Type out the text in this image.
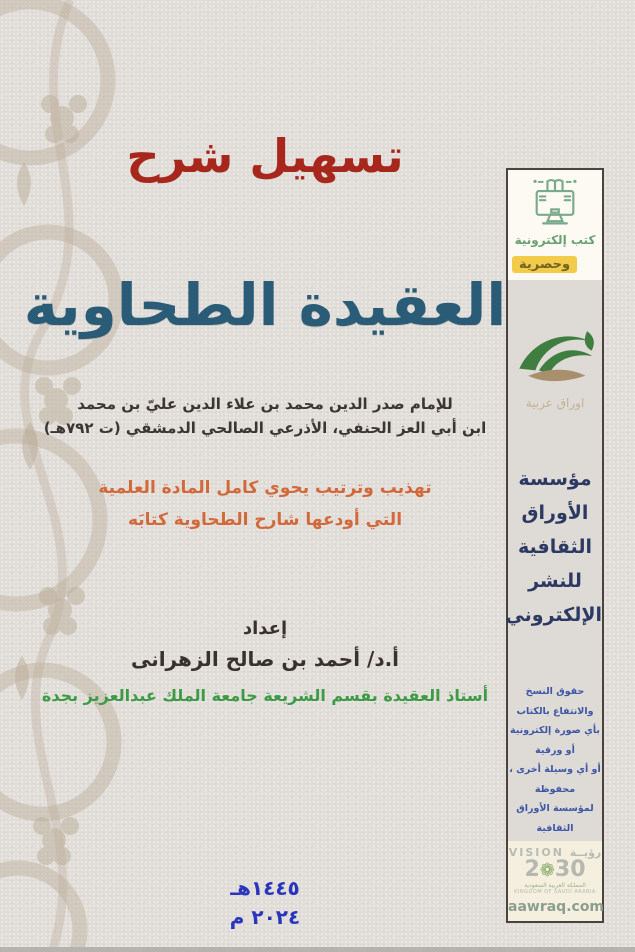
تسهيل شرح
العقيدة الطحاوية
للإمام صدر الدين محمد بن علاء الدين عليّ بن محمد
ابن أبي العز الحنفي، الأذرعي الصالحي الدمشقي (ت ٧٩٢هـ)
تهذيب وترتيب يحوي كامل المادة العلمية
التي أودعها شارح الطحاوية كتابَه
إعداد
أ.د/ أحمد بن صالح الزهرانى
أستاذ العقيدة بقسم الشريعة جامعة الملك عبدالعزيز بجدة
١٤٤٥هـ
٢٠٢٤ م
كتب إلكترونية
وحصرية
اوراق عربية
مؤسسة
الأوراق
الثقافية
للنشر
الإلكتروني
حقوق النسخ والانتفاع بالكتاب
بأي صورة إلكترونية أو ورقية
أو أي وسيلة أخرى ، محفوظة
لمؤسسة الأوراق الثقافية
VISION رؤيــة
2❁30
المملكة العربية السعودية
KINGDOM OF SAUDI ARABIA
aawraq.com
